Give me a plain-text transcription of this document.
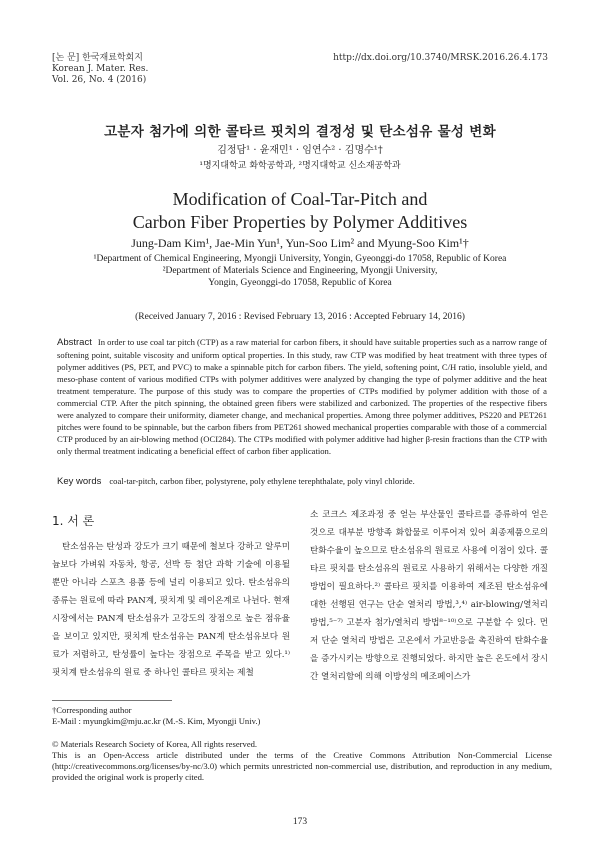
[논 문] 한국재료학회지
Korean J. Mater. Res.
Vol. 26, No. 4 (2016)
http://dx.doi.org/10.3740/MRSK.2016.26.4.173
고분자 첨가에 의한 콜타르 핏치의 결정성 및 탄소섬유 물성 변화
김정담¹ · 윤재민¹ · 임연수² · 김명수¹†
¹명지대학교 화학공학과, ²명지대학교 신소재공학과
Modification of Coal-Tar-Pitch and
Carbon Fiber Properties by Polymer Additives
Jung-Dam Kim¹, Jae-Min Yun¹, Yun-Soo Lim² and Myung-Soo Kim¹†
¹Department of Chemical Engineering, Myongji University, Yongin, Gyeonggi-do 17058, Republic of Korea
²Department of Materials Science and Engineering, Myongji University,
Yongin, Gyeonggi-do 17058, Republic of Korea
(Received January 7, 2016 : Revised February 13, 2016 : Accepted February 14, 2016)
Abstract In order to use coal tar pitch (CTP) as a raw material for carbon fibers, it should have suitable properties such as a narrow range of softening point, suitable viscosity and uniform optical properties. In this study, raw CTP was modified by heat treatment with three types of polymer additives (PS, PET, and PVC) to make a spinnable pitch for carbon fibers. The yield, softening point, C/H ratio, insoluble yield, and meso-phase content of various modified CTPs with polymer additives were analyzed by changing the type of polymer additive and the heat treatment temperature. The purpose of this study was to compare the properties of CTPs modified by polymer addition with those of a commercial CTP. After the pitch spinning, the obtained green fibers were stabilized and carbonized. The properties of the respective fibers were analyzed to compare their uniformity, diameter change, and mechanical properties. Among three polymer additives, PS220 and PET261 pitches were found to be spinnable, but the carbon fibers from PET261 showed mechanical properties comparable with those of a commercial CTP produced by an air-blowing method (OCI284). The CTPs modified with polymer additive had higher β-resin fractions than the CTP with only thermal treatment indicating a beneficial effect of carbon fiber application.
Key words coal-tar-pitch, carbon fiber, polystyrene, poly ethylene terephthalate, poly vinyl chloride.
1. 서 론

탄소섬유는 탄성과 강도가 크기 때문에 철보다 강하고 알루미늄보다 가벼워 자동차, 항공, 선박 등 첨단 과학 기술에 이용될 뿐만 아니라 스포츠 용품 등에 널리 이용되고 있다. 탄소섬유의 종류는 원료에 따라 PAN계, 핏치계 및 레이온계로 나뉜다. 현재 시장에서는 PAN계 탄소섬유가 고강도의 장점으로 높은 점유율을 보이고 있지만, 핏치계 탄소섬유는 PAN계 탄소섬유보다 원료가 저렴하고, 탄성률이 높다는 장점으로 주목을 받고 있다.¹⁾ 핏치계 탄소섬유의 원료 중 하나인 콜타르 핏치는 제철

소 코크스 제조과정 중 얻는 부산물인 콜타르를 증류하여 얻은 것으로 대부분 방향족 화합물로 이루어져 있어 최종제품으로의 탄화수율이 높으므로 탄소섬유의 원료로 사용에 이점이 있다. 콜타르 핏치를 탄소섬유의 원료로 사용하기 위해서는 다양한 개질방법이 필요하다.²⁾ 콜타르 핏치를 이용하여 제조된 탄소섬유에 대한 선행된 연구는 단순 열처리 방법,³,⁴⁾ air-blowing/열처리 방법,⁵⁻⁷⁾ 고분자 첨가/열처리 방법⁸⁻¹⁰⁾으로 구분할 수 있다. 먼저 단순 열처리 방법은 고온에서 가교반응을 촉진하여 탄화수율을 증가시키는 방향으로 진행되었다. 하지만 높은 온도에서 장시간 열처리함에 의해 이방성의 메조페이스가

†Corresponding author
E-Mail : myungkim@mju.ac.kr (M.-S. Kim, Myongji Univ.)
© Materials Research Society of Korea, All rights reserved.
This is an Open-Access article distributed under the terms of the Creative Commons Attribution Non-Commercial License (http://creativecommons.org/licenses/by-nc/3.0) which permits unrestricted non-commercial use, distribution, and reproduction in any medium, provided the original work is properly cited.
173
